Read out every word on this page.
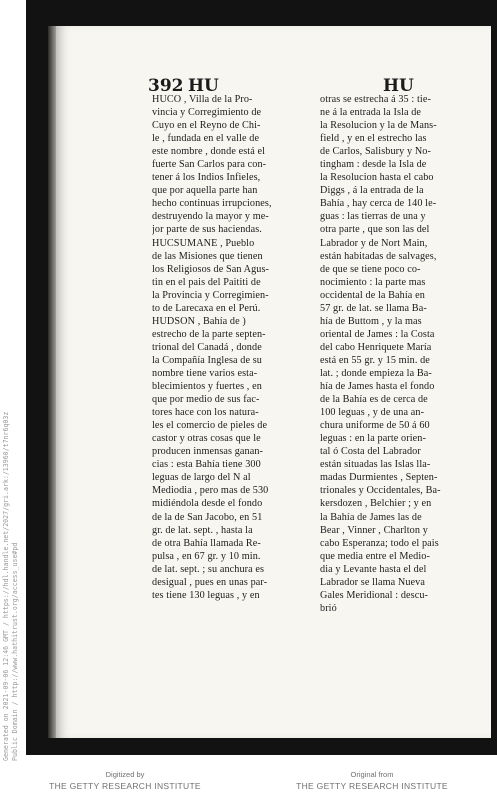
392 HU	HU
HUCO , Villa de la Pro-
vincia y Corregimiento de
Cuyo en el Reyno de Chi-
le , fundada en el valle de
este nombre , donde está el
fuerte San Carlos para con-
tener á los Indios Infieles,
que por aquella parte han
hecho continuas irrupciones,
destruyendo la mayor y me-
jor parte de sus haciendas.
HUCSUMANE , Pueblo
de las Misiones que tienen
los Religiosos de San Agus-
tin en el pais del Paititi de
la Provincia y Corregimien-
to de Larecaxa en el Perú.
HUDSON , Bahía de )
estrecho de la parte septen-
trional del Canadá , donde
la Compañía Inglesa de su
nombre tiene varios esta-
blecimientos y fuertes , en
que por medio de sus fac-
tores hace con los natura-
les el comercio de pieles de
castor y otras cosas que le
producen inmensas ganan-
cias : esta Bahía tiene 300
leguas de largo del N al
Mediodia , pero mas de 530
midiéndola desde el fondo
de la de San Jacobo, en 51
gr. de lat. sept. , hasta la
de otra Bahía llamada Re-
pulsa , en 67 gr. y 10 min.
de lat. sept. ; su anchura es
desigual , pues en unas par-
tes tiene 130 leguas , y en
otras se estrecha á 35 : tie-
ne á la entrada la Isla de
la Resolucion y la de Mans-
field , y en el estrecho las
de Carlos, Salisbury y No-
tingham : desde la Isla de
la Resolucion hasta el cabo
Diggs , á la entrada de la
Bahía , hay cerca de 140 le-
guas : las tierras de una y
otra parte , que son las del
Labrador y de Nort Main,
están habitadas de salvages,
de que se tiene poco co-
nocimiento : la parte mas
occidental de la Bahía en
57 gr. de lat. se llama Ba-
hía de Buttom , y la mas
oriental de James : la Costa
del cabo Henriquete María
está en 55 gr. y 15 min. de
lat. ; donde empieza la Ba-
hía de James hasta el fondo
de la Bahía es de cerca de
100 leguas , y de una an-
chura uniforme de 50 á 60
leguas : en la parte orien-
tal ó Costa del Labrador
están situadas las Islas lla-
madas Durmientes , Septen-
trionales y Occidentales, Ba-
kersdozen , Belchier ; y en
la Bahía de James las de
Bear , Vinner , Charlton y
cabo Esperanza; todo el pais
que media entre el Medio-
dia y Levante hasta el del
Labrador se llama Nueva
Gales Meridional : descu-
brió
Generated on 2021-09-06 12:46 GMT / https://hdl.handle.net/2027/gri.ark:/13960/t7nr6q03z Public Domain / http://www.hathitrust.org/access_use#pd
Digitized by
THE GETTY RESEARCH INSTITUTE
Original from
THE GETTY RESEARCH INSTITUTE
